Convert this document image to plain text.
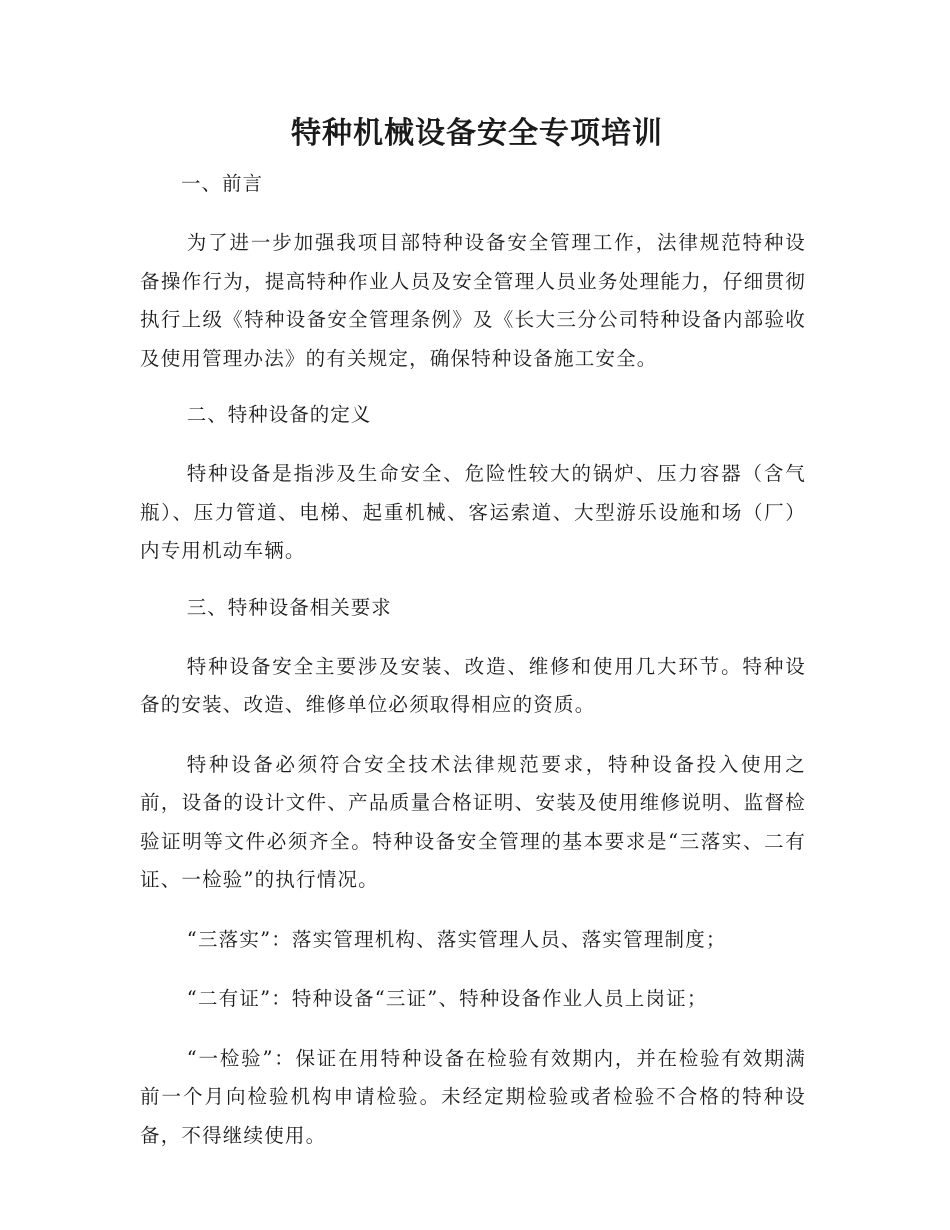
特种机械设备安全专项培训
一、前言

为了进一步加强我项目部特种设备安全管理工作，法律规范特种设备操作行为，提高特种作业人员及安全管理人员业务处理能力，仔细贯彻执行上级《特种设备安全管理条例》及《长大三分公司特种设备内部验收及使用管理办法》的有关规定，确保特种设备施工安全。

二、特种设备的定义

特种设备是指涉及生命安全、危险性较大的锅炉、压力容器（含气瓶）、压力管道、电梯、起重机械、客运索道、大型游乐设施和场（厂）内专用机动车辆。

三、特种设备相关要求

特种设备安全主要涉及安装、改造、维修和使用几大环节。特种设备的安装、改造、维修单位必须取得相应的资质。

特种设备必须符合安全技术法律规范要求，特种设备投入使用之前，设备的设计文件、产品质量合格证明、安装及使用维修说明、监督检验证明等文件必须齐全。特种设备安全管理的基本要求是“三落实、二有证、一检验”的执行情况。

“三落实”：落实管理机构、落实管理人员、落实管理制度；

“二有证”：特种设备“三证”、特种设备作业人员上岗证；

“一检验”：保证在用特种设备在检验有效期内，并在检验有效期满前一个月向检验机构申请检验。未经定期检验或者检验不合格的特种设备，不得继续使用。
